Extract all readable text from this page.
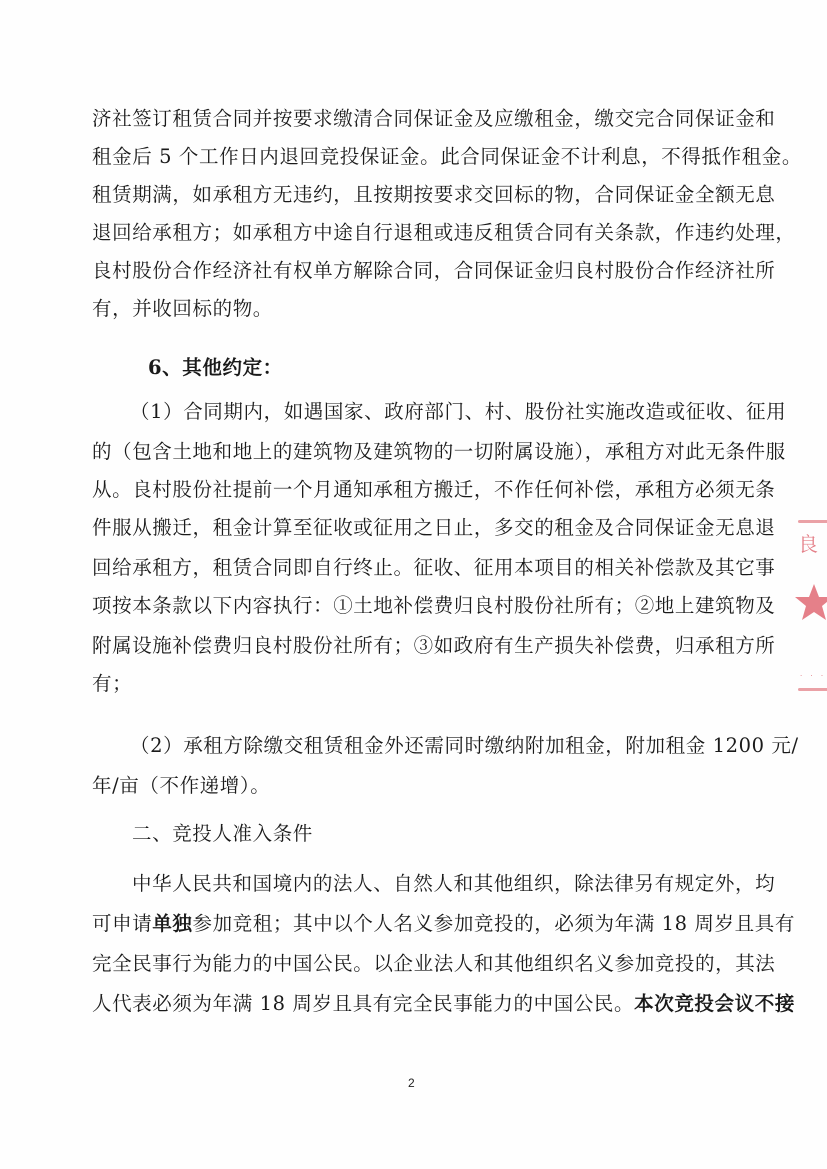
济社签订租赁合同并按要求缴清合同保证金及应缴租金，缴交完合同保证金和
租金后 5 个工作日内退回竞投保证金。此合同保证金不计利息，不得抵作租金。
租赁期满，如承租方无违约，且按期按要求交回标的物，合同保证金全额无息
退回给承租方；如承租方中途自行退租或违反租赁合同有关条款，作违约处理，
良村股份合作经济社有权单方解除合同，合同保证金归良村股份合作经济社所
有，并收回标的物。
6、其他约定：
（1）合同期内，如遇国家、政府部门、村、股份社实施改造或征收、征用
的（包含土地和地上的建筑物及建筑物的一切附属设施），承租方对此无条件服
从。良村股份社提前一个月通知承租方搬迁，不作任何补偿，承租方必须无条
件服从搬迁，租金计算至征收或征用之日止，多交的租金及合同保证金无息退
回给承租方，租赁合同即自行终止。征收、征用本项目的相关补偿款及其它事
项按本条款以下内容执行：①土地补偿费归良村股份社所有；②地上建筑物及
附属设施补偿费归良村股份社所有；③如政府有生产损失补偿费，归承租方所
有；
（2）承租方除缴交租赁租金外还需同时缴纳附加租金，附加租金 1200 元/
年/亩（不作递增）。
二、竞投人准入条件
中华人民共和国境内的法人、自然人和其他组织，除法律另有规定外，均
可申请单独参加竞租；其中以个人名义参加竞投的，必须为年满 18 周岁且具有
完全民事行为能力的中国公民。以企业法人和其他组织名义参加竞投的，其法
人代表必须为年满 18 周岁且具有完全民事能力的中国公民。本次竞投会议不接
2
良
· · ·
